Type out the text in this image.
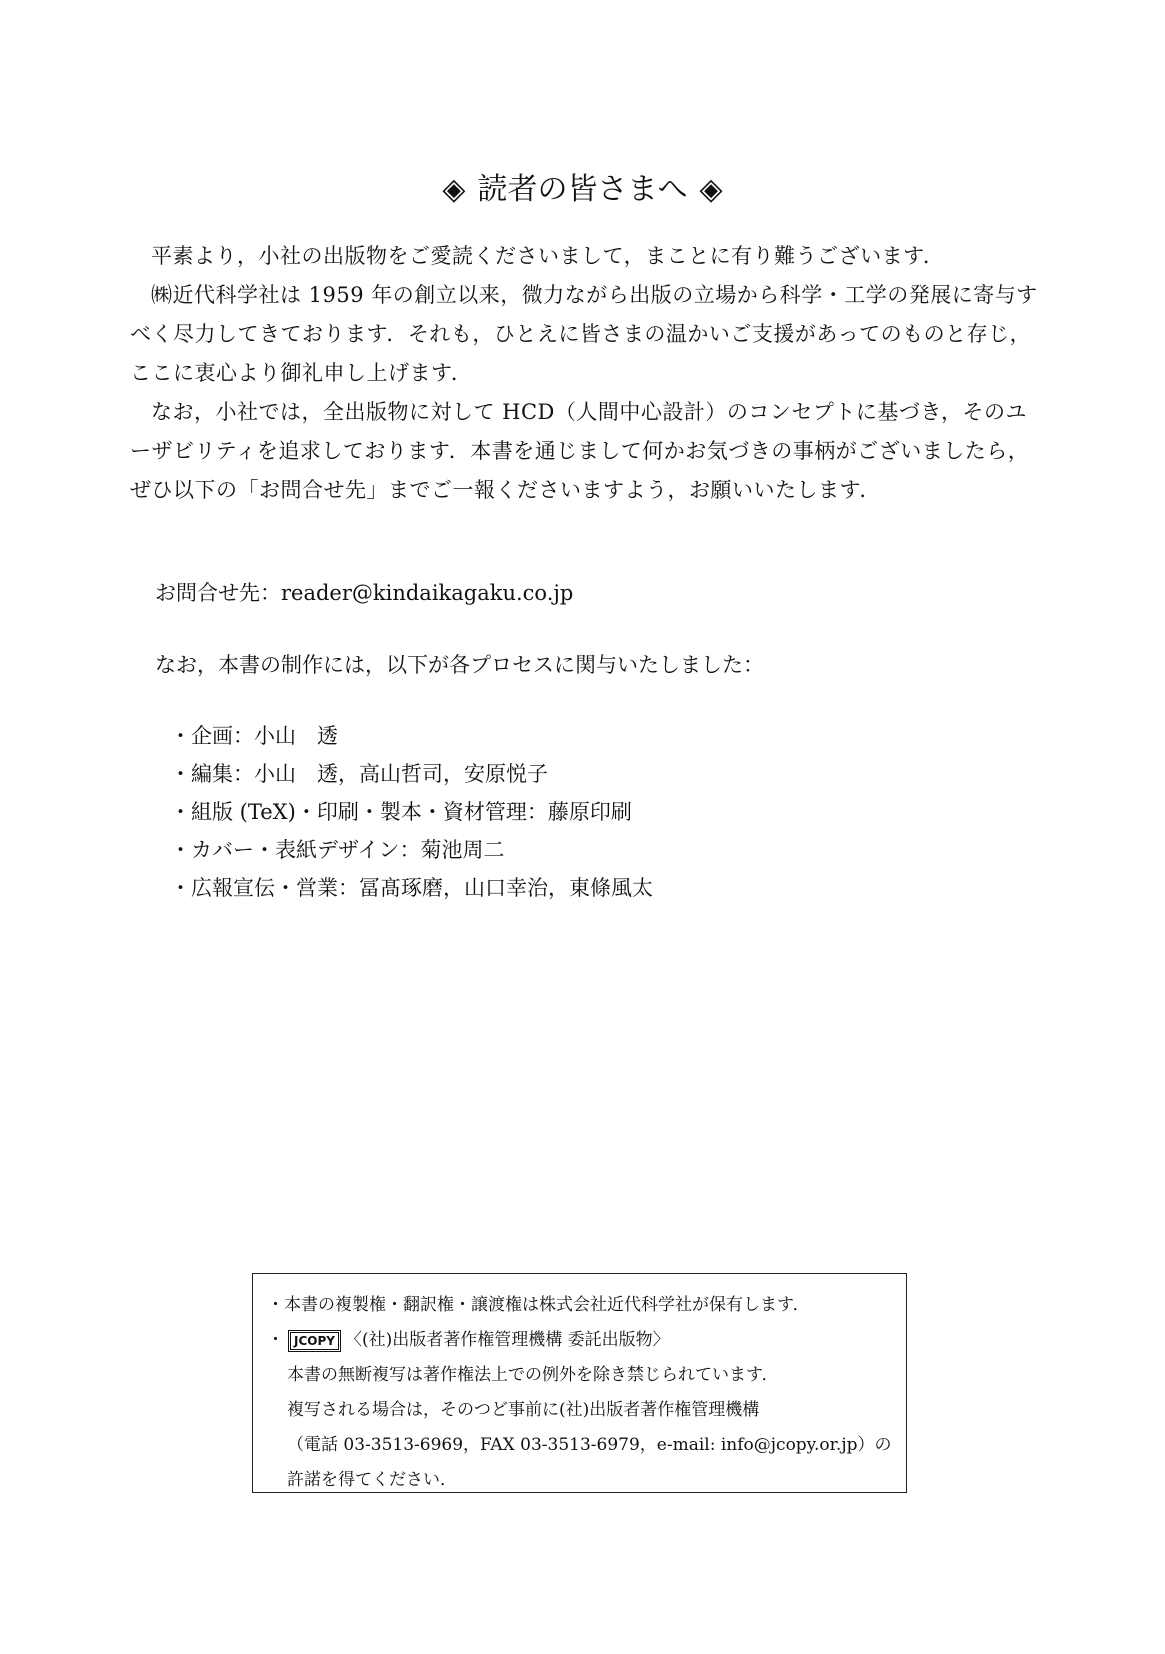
◈ 読者の皆さまへ ◈

平素より，小社の出版物をご愛読くださいまして，まことに有り難うございます．

㈱近代科学社は 1959 年の創立以来，微力ながら出版の立場から科学・工学の発展に寄与すべく尽力してきております．それも，ひとえに皆さまの温かいご支援があってのものと存じ，ここに衷心より御礼申し上げます．

なお，小社では，全出版物に対して HCD（人間中心設計）のコンセプトに基づき，そのユーザビリティを追求しております．本書を通じまして何かお気づきの事柄がございましたら，ぜひ以下の「お問合せ先」までご一報くださいますよう，お願いいたします．

お問合せ先：reader@kindaikagaku.co.jp
なお，本書の制作には，以下が各プロセスに関与いたしました：
・企画：小山　透
・編集：小山　透，高山哲司，安原悦子
・組版 (TeX)・印刷・製本・資材管理：藤原印刷
・カバー・表紙デザイン：菊池周二
・広報宣伝・営業：冨髙琢磨，山口幸治，東條風太
・本書の複製権・翻訳権・譲渡権は株式会社近代科学社が保有します．
・ JCOPY 〈(社)出版者著作権管理機構 委託出版物〉
本書の無断複写は著作権法上での例外を除き禁じられています．
複写される場合は，そのつど事前に(社)出版者著作権管理機構
（電話 03-3513-6969，FAX 03-3513-6979，e-mail: info@jcopy.or.jp）の
許諾を得てください．
